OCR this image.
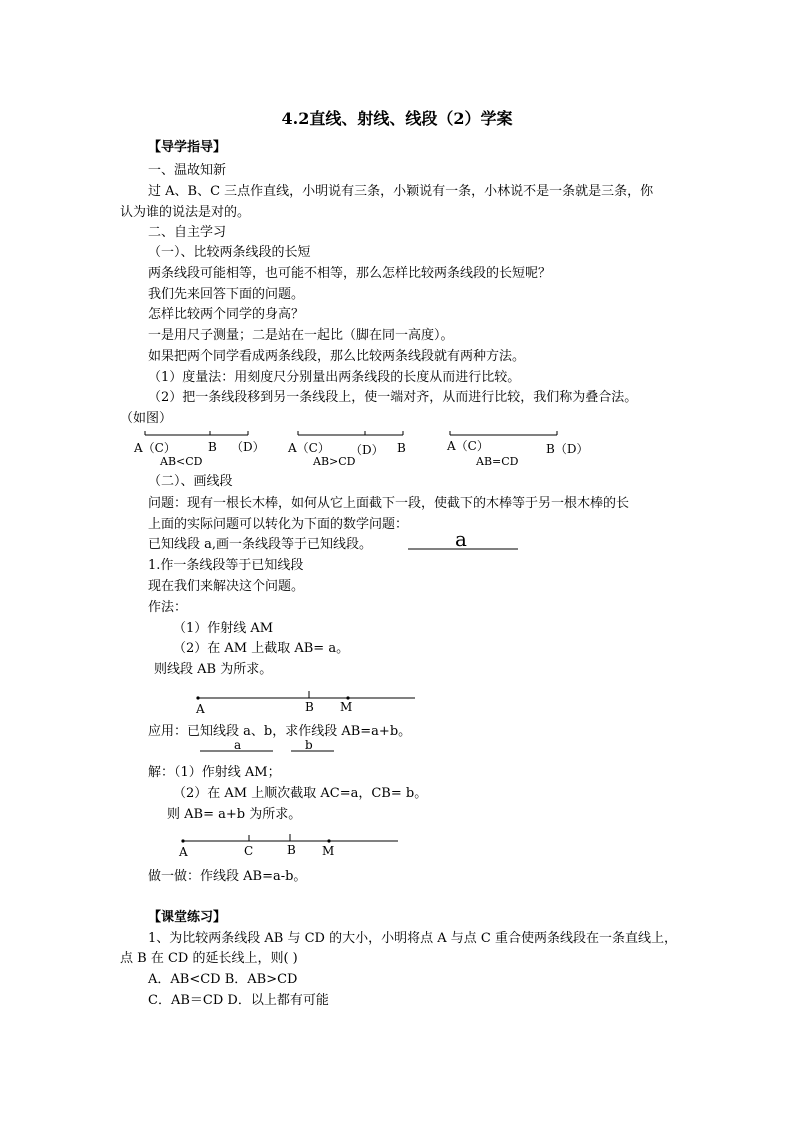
4.2直线、射线、线段（2）学案
【导学指导】
一、温故知新
过 A、B、C 三点作直线，小明说有三条，小颖说有一条，小林说不是一条就是三条，你
认为谁的说法是对的。
二、自主学习
（一）、比较两条线段的长短
两条线段可能相等，也可能不相等，那么怎样比较两条线段的长短呢？
我们先来回答下面的问题。
怎样比较两个同学的身高？
一是用尺子测量；二是站在一起比（脚在同一高度）。
如果把两个同学看成两条线段，那么比较两条线段就有两种方法。
（1）度量法：用刻度尺分别量出两条线段的长度从而进行比较。
（2）把一条线段移到另一条线段上，使一端对齐，从而进行比较，我们称为叠合法。
（如图）
A（C）	B （D）
AB<CD
A（C） （D） B
AB>CD
A（C）	B（D）
AB=CD
（二）、画线段
问题：现有一根长木棒，如何从它上面截下一段，使截下的木棒等于另一根木棒的长
上面的实际问题可以转化为下面的数学问题：
已知线段 a,画一条线段等于已知线段。	a
1.作一条线段等于已知线段
现在我们来解决这个问题。
作法：
（1）作射线 AM
（2）在 AM 上截取 AB= a。
则线段 AB 为所求。
A	B M
应用：已知线段 a、b，求作线段 AB=a+b。
a	b
解：（1）作射线 AM；
（2）在 AM 上顺次截取 AC=a，CB= b。
则 AB= a+b 为所求。
A	C	B M
做一做：作线段 AB=a-b。
【课堂练习】
1、为比较两条线段 AB 与 CD 的大小，小明将点 A 与点 C 重合使两条线段在一条直线上，
点 B 在 CD 的延长线上，则( )
A．AB<CD B．AB>CD
C．AB＝CD D．以上都有可能
